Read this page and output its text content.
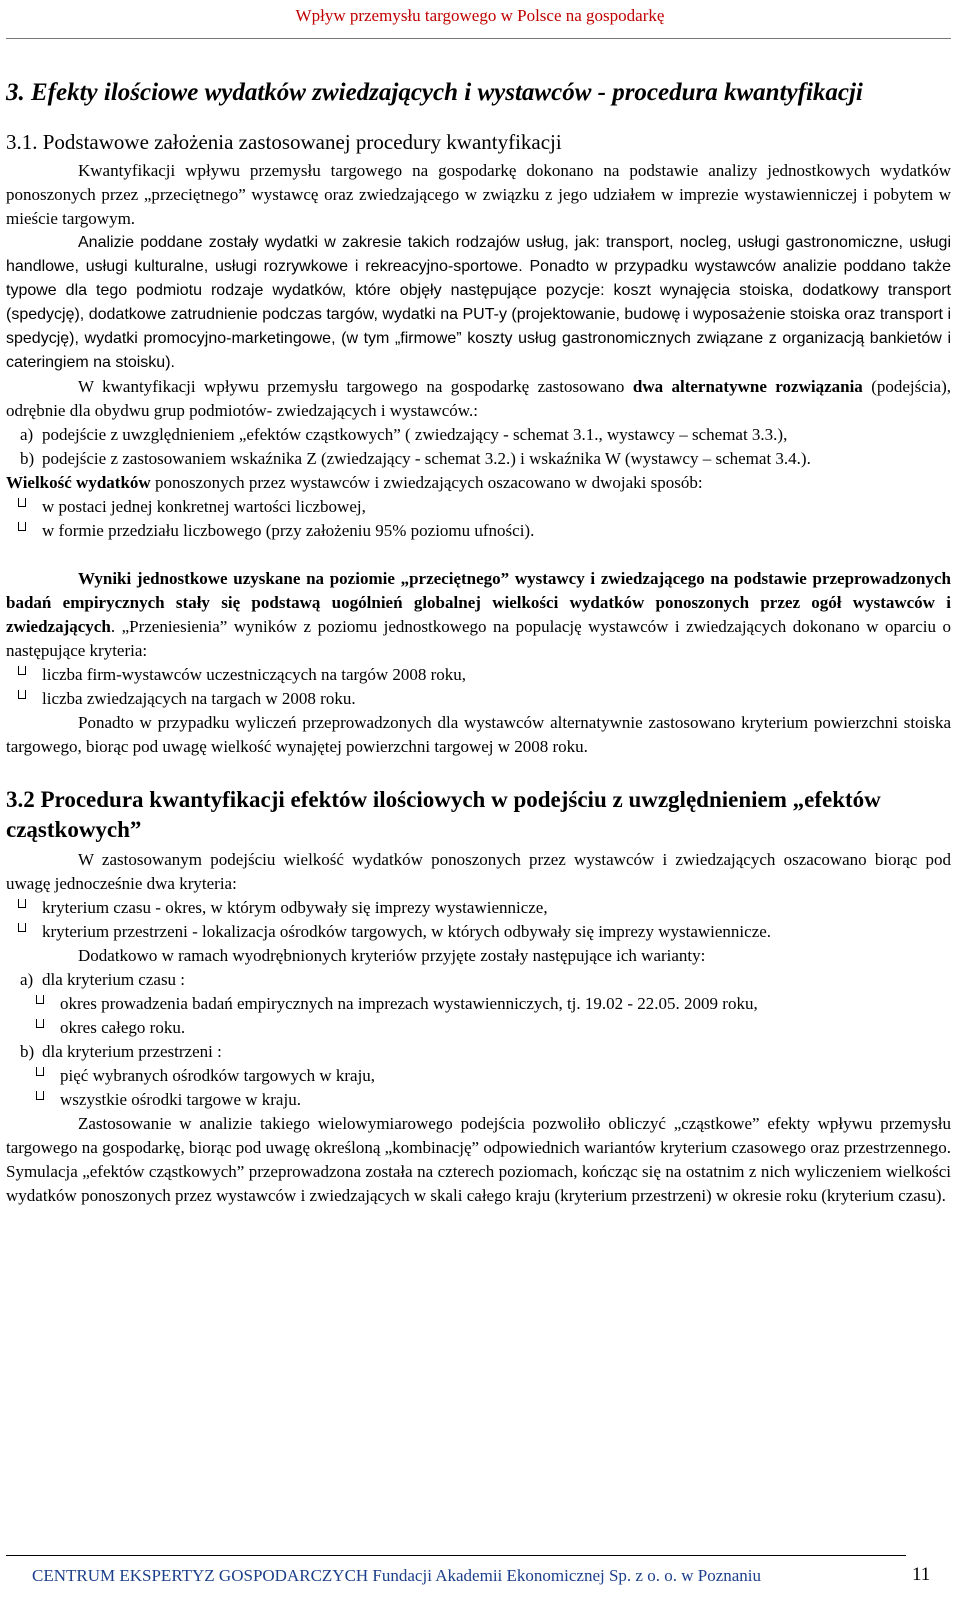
Wpływ przemysłu targowego w Polsce na gospodarkę
3. Efekty ilościowe wydatków zwiedzających i wystawców - procedura kwantyfikacji
3.1. Podstawowe założenia zastosowanej procedury kwantyfikacji

Kwantyfikacji wpływu przemysłu targowego na gospodarkę dokonano na podstawie analizy jednostkowych wydatków ponoszonych przez „przeciętnego” wystawcę oraz zwiedzającego w związku z jego udziałem w imprezie wystawienniczej i pobytem w mieście targowym.

Analizie poddane zostały wydatki w zakresie takich rodzajów usług, jak: transport, nocleg, usługi gastronomiczne, usługi handlowe, usługi kulturalne, usługi rozrywkowe i rekreacyjno-sportowe. Ponadto w przypadku wystawców analizie poddano także typowe dla tego podmiotu rodzaje wydatków, które objęły następujące pozycje: koszt wynajęcia stoiska, dodatkowy transport (spedycję), dodatkowe zatrudnienie podczas targów, wydatki na PUT-y (projektowanie, budowę i wyposażenie stoiska oraz transport i spedycję), wydatki promocyjno-marketingowe, (w tym „firmowe” koszty usług gastronomicznych związane z organizacją bankietów i cateringiem na stoisku).

W kwantyfikacji wpływu przemysłu targowego na gospodarkę zastosowano dwa alternatywne rozwiązania (podejścia), odrębnie dla obydwu grup podmiotów- zwiedzających i wystawców.:

a) podejście z uwzględnieniem „efektów cząstkowych” ( zwiedzający - schemat 3.1., wystawcy – schemat 3.3.),
b) podejście z zastosowaniem wskaźnika Z (zwiedzający - schemat 3.2.) i wskaźnika W (wystawcy – schemat 3.4.).

Wielkość wydatków ponoszonych przez wystawców i zwiedzających oszacowano w dwojaki sposób:

w postaci jednej konkretnej wartości liczbowej,
w formie przedziału liczbowego (przy założeniu 95% poziomu ufności).

Wyniki jednostkowe uzyskane na poziomie „przeciętnego” wystawcy i zwiedzającego na podstawie przeprowadzonych badań empirycznych stały się podstawą uogólnień globalnej wielkości wydatków ponoszonych przez ogół wystawców i zwiedzających. „Przeniesienia” wyników z poziomu jednostkowego na populację wystawców i zwiedzających dokonano w oparciu o następujące kryteria:

liczba firm-wystawców uczestniczących na targów 2008 roku,
liczba zwiedzających na targach w 2008 roku.

Ponadto w przypadku wyliczeń przeprowadzonych dla wystawców alternatywnie zastosowano kryterium powierzchni stoiska targowego, biorąc pod uwagę wielkość wynajętej powierzchni targowej w 2008 roku.

3.2 Procedura kwantyfikacji efektów ilościowych w podejściu z uwzględnieniem „efektów cząstkowych”

W zastosowanym podejściu wielkość wydatków ponoszonych przez wystawców i zwiedzających oszacowano biorąc pod uwagę jednocześnie dwa kryteria:

kryterium czasu - okres, w którym odbywały się imprezy wystawiennicze,
kryterium przestrzeni - lokalizacja ośrodków targowych, w których odbywały się imprezy wystawiennicze.

Dodatkowo w ramach wyodrębnionych kryteriów przyjęte zostały następujące ich warianty:

a) dla kryterium czasu :
okres prowadzenia badań empirycznych na imprezach wystawienniczych, tj. 19.02 - 22.05. 2009 roku,
okres całego roku.
b) dla kryterium przestrzeni :
pięć wybranych ośrodków targowych w kraju,
wszystkie ośrodki targowe w kraju.

Zastosowanie w analizie takiego wielowymiarowego podejścia pozwoliło obliczyć „cząstkowe” efekty wpływu przemysłu targowego na gospodarkę, biorąc pod uwagę określoną „kombinację” odpowiednich wariantów kryterium czasowego oraz przestrzennego. Symulacja „efektów cząstkowych” przeprowadzona została na czterech poziomach, kończąc się na ostatnim z nich wyliczeniem wielkości wydatków ponoszonych przez wystawców i zwiedzających w skali całego kraju (kryterium przestrzeni) w okresie roku (kryterium czasu).

CENTRUM EKSPERTYZ GOSPODARCZYCH Fundacji Akademii Ekonomicznej Sp. z o. o. w Poznaniu	11
